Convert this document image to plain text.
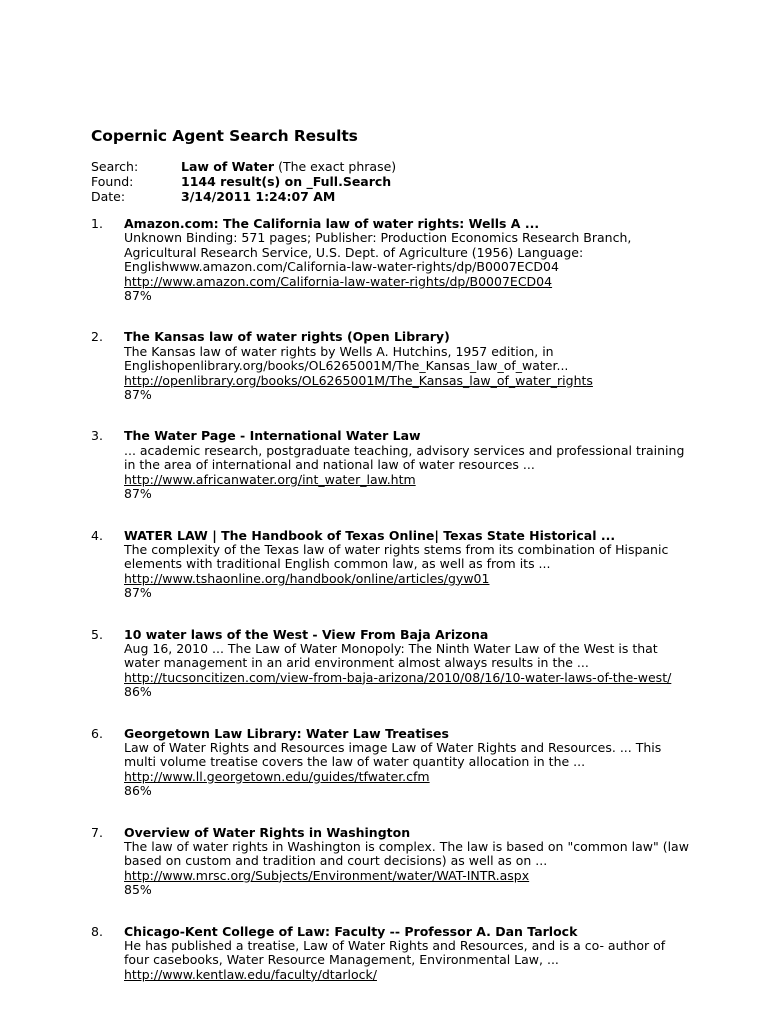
Copernic Agent Search Results
Search:	Law of Water (The exact phrase)
Found:	1144 result(s) on _Full.Search
Date:	3/14/2011 1:24:07 AM
1.	Amazon.com: The California law of water rights: Wells A ...
Unknown Binding: 571 pages; Publisher: Production Economics Research Branch, Agricultural Research Service, U.S. Dept. of Agriculture (1956) Language: Englishwww.amazon.com/California-law-water-rights/dp/B0007ECD04
http://www.amazon.com/California-law-water-rights/dp/B0007ECD04
87%
2.	The Kansas law of water rights (Open Library)
The Kansas law of water rights by Wells A. Hutchins, 1957 edition, in Englishopenlibrary.org/books/OL6265001M/The_Kansas_law_of_water...
http://openlibrary.org/books/OL6265001M/The_Kansas_law_of_water_rights
87%
3.	The Water Page - International Water Law
... academic research, postgraduate teaching, advisory services and professional training in the area of international and national law of water resources ...
http://www.africanwater.org/int_water_law.htm
87%
4.	WATER LAW | The Handbook of Texas Online| Texas State Historical ...
The complexity of the Texas law of water rights stems from its combination of Hispanic elements with traditional English common law, as well as from its ...
http://www.tshaonline.org/handbook/online/articles/gyw01
87%
5.	10 water laws of the West - View From Baja Arizona
Aug 16, 2010 ... The Law of Water Monopoly: The Ninth Water Law of the West is that water management in an arid environment almost always results in the ...
http://tucsoncitizen.com/view-from-baja-arizona/2010/08/16/10-water-laws-of-the-west/
86%
6.	Georgetown Law Library: Water Law Treatises
Law of Water Rights and Resources image Law of Water Rights and Resources. ... This multi volume treatise covers the law of water quantity allocation in the ...
http://www.ll.georgetown.edu/guides/tfwater.cfm
86%
7.	Overview of Water Rights in Washington
The law of water rights in Washington is complex. The law is based on "common law" (law based on custom and tradition and court decisions) as well as on ...
http://www.mrsc.org/Subjects/Environment/water/WAT-INTR.aspx
85%
8.	Chicago-Kent College of Law: Faculty -- Professor A. Dan Tarlock
He has published a treatise, Law of Water Rights and Resources, and is a co- author of four casebooks, Water Resource Management, Environmental Law, ...
http://www.kentlaw.edu/faculty/dtarlock/
